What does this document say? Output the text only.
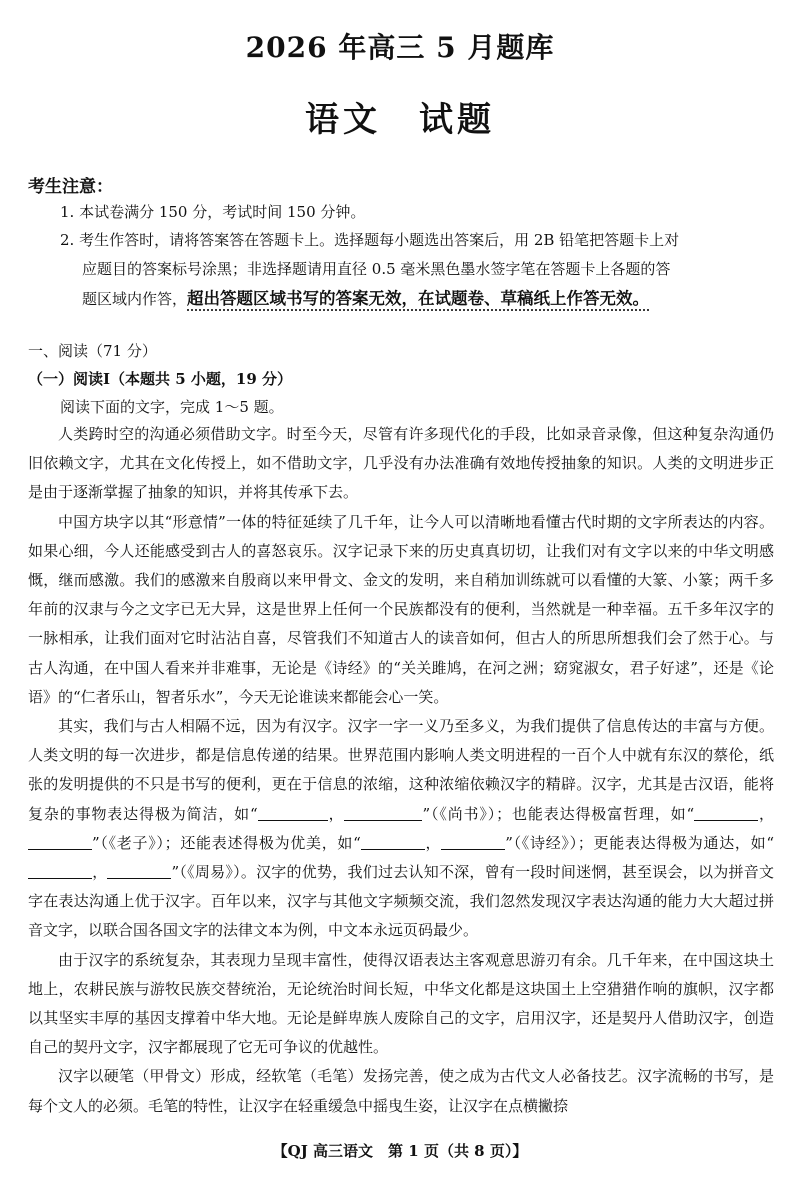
2026 年高三 5 月题库
语文　试题
考生注意：
1. 本试卷满分 150 分，考试时间 150 分钟。
2. 考生作答时，请将答案答在答题卡上。选择题每小题选出答案后，用 2B 铅笔把答题卡上对
应题目的答案标号涂黑；非选择题请用直径 0.5 毫米黑色墨水签字笔在答题卡上各题的答
题区域内作答，超出答题区域书写的答案无效，在试题卷、草稿纸上作答无效。
一、阅读（71 分）
（一）阅读Ⅰ（本题共 5 小题，19 分）
阅读下面的文字，完成 1～5 题。

人类跨时空的沟通必须借助文字。时至今天，尽管有许多现代化的手段，比如录音录像，但这种复杂沟通仍旧依赖文字，尤其在文化传授上，如不借助文字，几乎没有办法准确有效地传授抽象的知识。人类的文明进步正是由于逐渐掌握了抽象的知识，并将其传承下去。

中国方块字以其“形意情”一体的特征延续了几千年，让今人可以清晰地看懂古代时期的文字所表达的内容。如果心细，今人还能感受到古人的喜怒哀乐。汉字记录下来的历史真真切切，让我们对有文字以来的中华文明感慨，继而感激。我们的感激来自殷商以来甲骨文、金文的发明，来自稍加训练就可以看懂的大篆、小篆；两千多年前的汉隶与今之文字已无大异，这是世界上任何一个民族都没有的便利，当然就是一种幸福。五千多年汉字的一脉相承，让我们面对它时沾沾自喜，尽管我们不知道古人的读音如何，但古人的所思所想我们会了然于心。与古人沟通，在中国人看来并非难事，无论是《诗经》的“关关雎鸠，在河之洲；窈窕淑女，君子好逑”，还是《论语》的“仁者乐山，智者乐水”，今天无论谁读来都能会心一笑。

其实，我们与古人相隔不远，因为有汉字。汉字一字一义乃至多义，为我们提供了信息传达的丰富与方便。人类文明的每一次进步，都是信息传递的结果。世界范围内影响人类文明进程的一百个人中就有东汉的蔡伦，纸张的发明提供的不只是书写的便利，更在于信息的浓缩，这种浓缩依赖汉字的精辟。汉字，尤其是古汉语，能将复杂的事物表达得极为简洁，如“	，	”（《尚书》）；也能表达得极富哲理，如“	，”（《老子》）；还能表述得极为优美，如“	，	”（《诗经》）；更能表达得极为通达，如“，	”（《周易》）。汉字的优势，我们过去认知不深，曾有一段时间迷惘，甚至误会，以为拼音文字在表达沟通上优于汉字。百年以来，汉字与其他文字频频交流，我们忽然发现汉字表达沟通的能力大大超过拼音文字，以联合国各国文字的法律文本为例，中文本永远页码最少。

由于汉字的系统复杂，其表现力呈现丰富性，使得汉语表达主客观意思游刃有余。几千年来，在中国这块土地上，农耕民族与游牧民族交替统治，无论统治时间长短，中华文化都是这块国土上空猎猎作响的旗帜，汉字都以其坚实丰厚的基因支撑着中华大地。无论是鲜卑族人废除自己的文字，启用汉字，还是契丹人借助汉字，创造自己的契丹文字，汉字都展现了它无可争议的优越性。

汉字以硬笔（甲骨文）形成，经软笔（毛笔）发扬完善，使之成为古代文人必备技艺。汉字流畅的书写，是每个文人的必须。毛笔的特性，让汉字在轻重缓急中摇曳生姿，让汉字在点横撇捺

【QJ 高三语文　第 1 页（共 8 页）】
